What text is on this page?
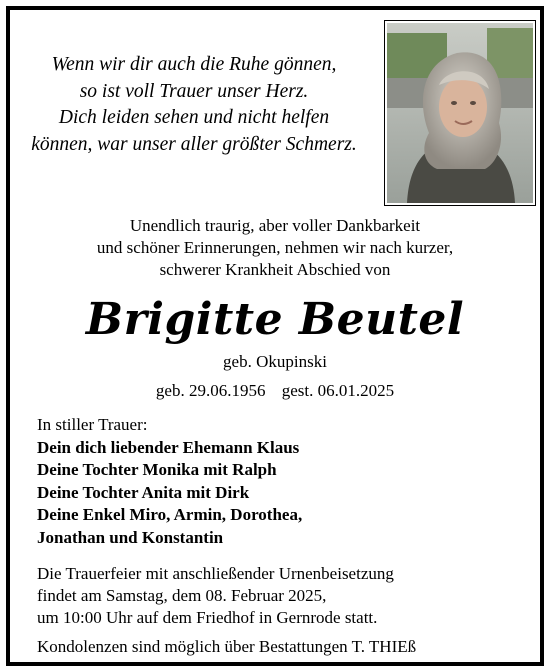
Wenn wir dir auch die Ruhe gönnen,
so ist voll Trauer unser Herz.
Dich leiden sehen und nicht helfen
können, war unser aller größter Schmerz.
Unendlich traurig, aber voller Dankbarkeit
und schöner Erinnerungen, nehmen wir nach kurzer,
schwerer Krankheit Abschied von
Brigitte Beutel
geb. Okupinski
geb. 29.06.1956 gest. 06.01.2025
In stiller Trauer:
Dein dich liebender Ehemann Klaus
Deine Tochter Monika mit Ralph
Deine Tochter Anita mit Dirk
Deine Enkel Miro, Armin, Dorothea,
Jonathan und Konstantin
Die Trauerfeier mit anschließender Urnenbeisetzung
findet am Samstag, dem 08. Februar 2025,
um 10:00 Uhr auf dem Friedhof in Gernrode statt.
Kondolenzen sind möglich über Bestattungen T. THIEß
